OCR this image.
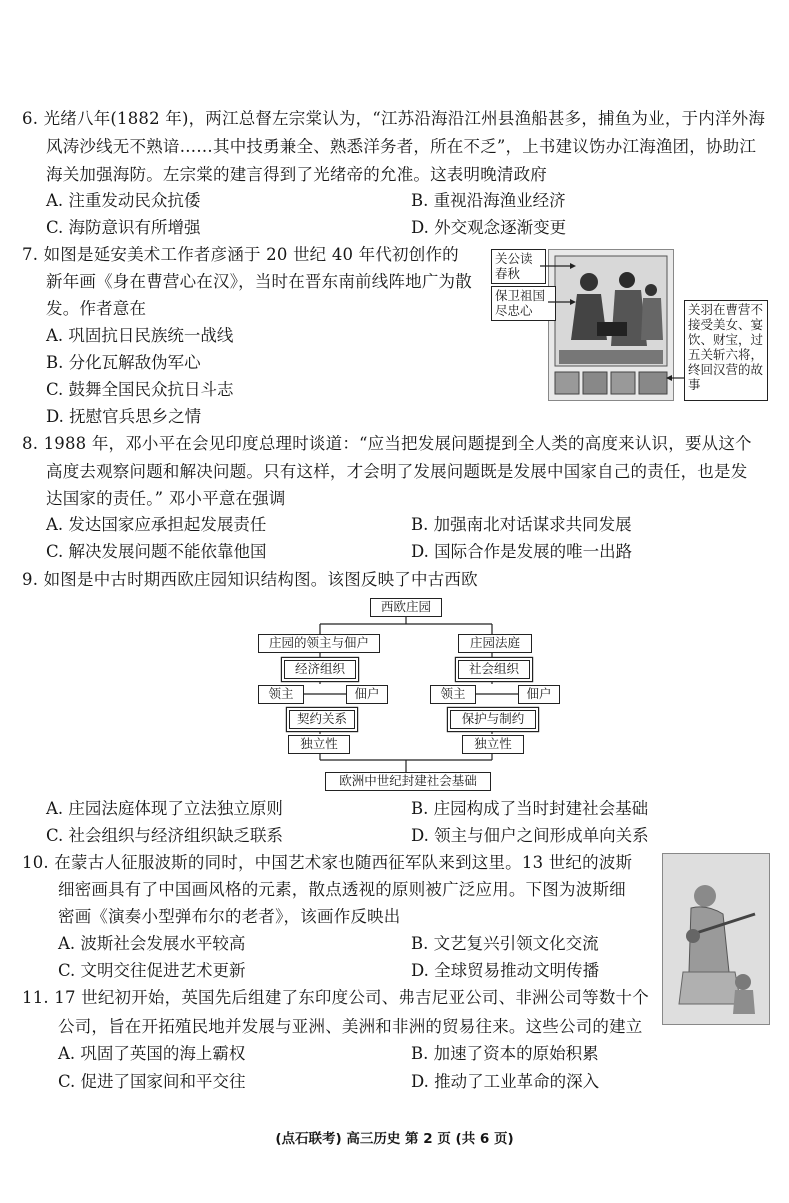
6. 光绪八年(1882 年)，两江总督左宗棠认为，“江苏沿海沿江州县渔船甚多，捕鱼为业，于内洋外海
风涛沙线无不熟谙……其中技勇兼全、熟悉洋务者，所在不乏”，上书建议饬办江海渔团，协助江
海关加强海防。左宗棠的建言得到了光绪帝的允准。这表明晚清政府
A. 注重发动民众抗倭	B. 重视沿海渔业经济
C. 海防意识有所增强	D. 外交观念逐渐变更
7. 如图是延安美术工作者彦涵于 20 世纪 40 年代初创作的
新年画《身在曹营心在汉》，当时在晋东南前线阵地广为散
发。作者意在
A. 巩固抗日民族统一战线
B. 分化瓦解敌伪军心
C. 鼓舞全国民众抗日斗志
D. 抚慰官兵思乡之情
关公读春秋
保卫祖国尽忠心	关羽在曹营不接受美女、宴饮、财宝，过五关斩六将，终回汉营的故事
8. 1988 年，邓小平在会见印度总理时谈道：“应当把发展问题提到全人类的高度来认识，要从这个
高度去观察问题和解决问题。只有这样，才会明了发展问题既是发展中国家自己的责任，也是发
达国家的责任。” 邓小平意在强调
A. 发达国家应承担起发展责任	B. 加强南北对话谋求共同发展
C. 解决发展问题不能依靠他国	D. 国际合作是发展的唯一出路
9. 如图是中古时期西欧庄园知识结构图。该图反映了中古西欧
西欧庄园
庄园的领主与佃户	庄园法庭
经济组织	社会组织
领主	佃户	领主	佃户
契约关系	保护与制约
独立性	独立性
欧洲中世纪封建社会基础
A. 庄园法庭体现了立法独立原则	B. 庄园构成了当时封建社会基础
C. 社会组织与经济组织缺乏联系	D. 领主与佃户之间形成单向关系
10. 在蒙古人征服波斯的同时，中国艺术家也随西征军队来到这里。13 世纪的波斯
细密画具有了中国画风格的元素，散点透视的原则被广泛应用。下图为波斯细
密画《演奏小型弹布尔的老者》，该画作反映出
A. 波斯社会发展水平较高	B. 文艺复兴引领文化交流
C. 文明交往促进艺术更新	D. 全球贸易推动文明传播
11. 17 世纪初开始，英国先后组建了东印度公司、弗吉尼亚公司、非洲公司等数十个
公司，旨在开拓殖民地并发展与亚洲、美洲和非洲的贸易往来。这些公司的建立
A. 巩固了英国的海上霸权	B. 加速了资本的原始积累
C. 促进了国家间和平交往	D. 推动了工业革命的深入
(点石联考) 高三历史 第 2 页 (共 6 页)
